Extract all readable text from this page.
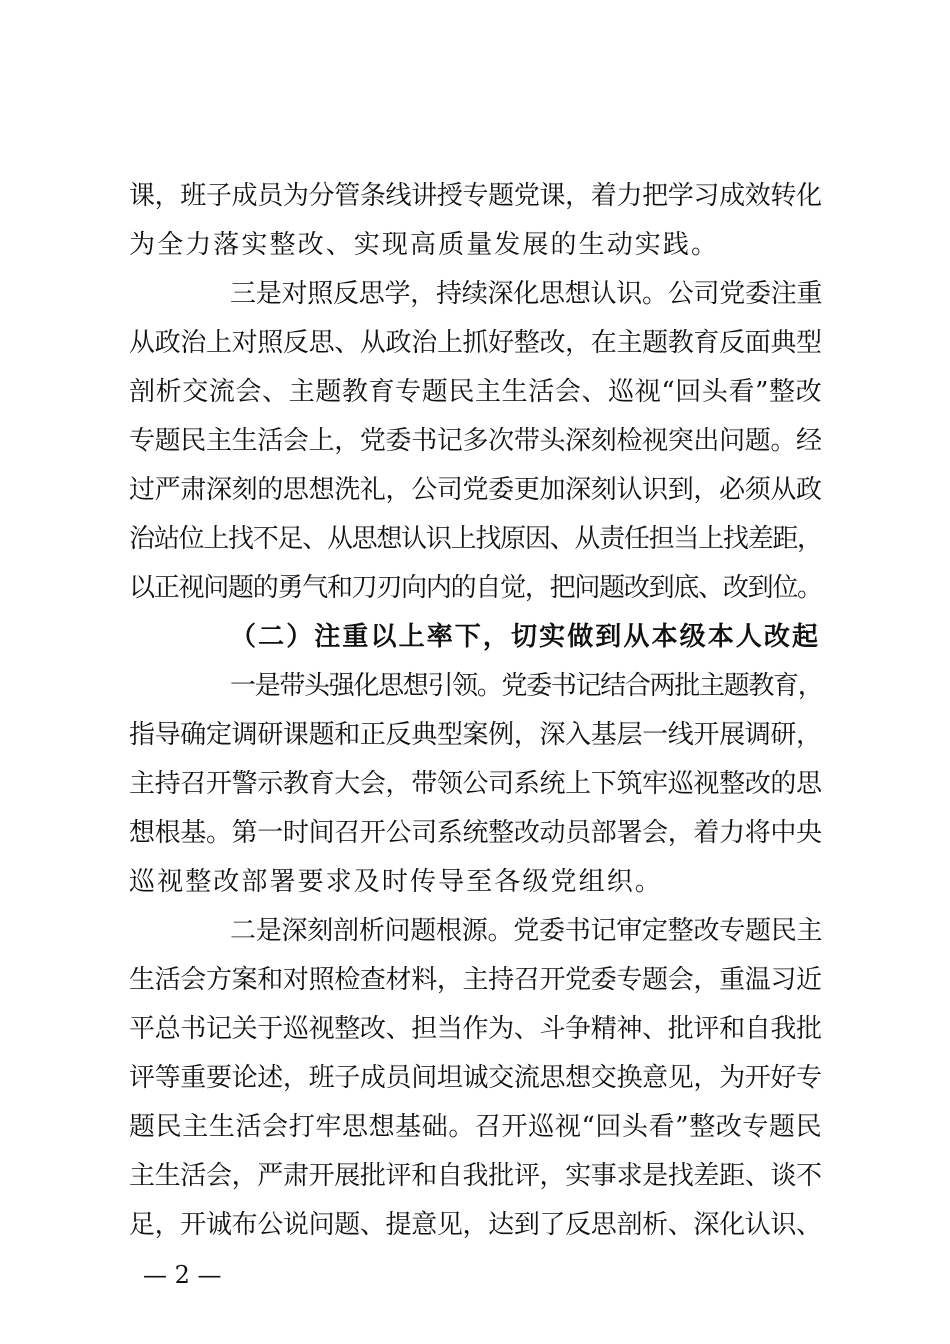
课，班子成员为分管条线讲授专题党课，着力把学习成效转化
为全力落实整改、实现高质量发展的生动实践。
三是对照反思学，持续深化思想认识。公司党委注重
从政治上对照反思、从政治上抓好整改，在主题教育反面典型
剖析交流会、主题教育专题民主生活会、巡视“回头看”整改
专题民主生活会上，党委书记多次带头深刻检视突出问题。经
过严肃深刻的思想洗礼，公司党委更加深刻认识到，必须从政
治站位上找不足、从思想认识上找原因、从责任担当上找差距，
以正视问题的勇气和刀刃向内的自觉，把问题改到底、改到位。
（二）注重以上率下，切实做到从本级本人改起
一是带头强化思想引领。党委书记结合两批主题教育，
指导确定调研课题和正反典型案例，深入基层一线开展调研，
主持召开警示教育大会，带领公司系统上下筑牢巡视整改的思
想根基。第一时间召开公司系统整改动员部署会，着力将中央
巡视整改部署要求及时传导至各级党组织。
二是深刻剖析问题根源。党委书记审定整改专题民主
生活会方案和对照检查材料，主持召开党委专题会，重温习近
平总书记关于巡视整改、担当作为、斗争精神、批评和自我批
评等重要论述，班子成员间坦诚交流思想交换意见，为开好专
题民主生活会打牢思想基础。召开巡视“回头看”整改专题民
主生活会，严肃开展批评和自我批评，实事求是找差距、谈不
足，开诚布公说问题、提意见，达到了反思剖析、深化认识、
— 2 —
